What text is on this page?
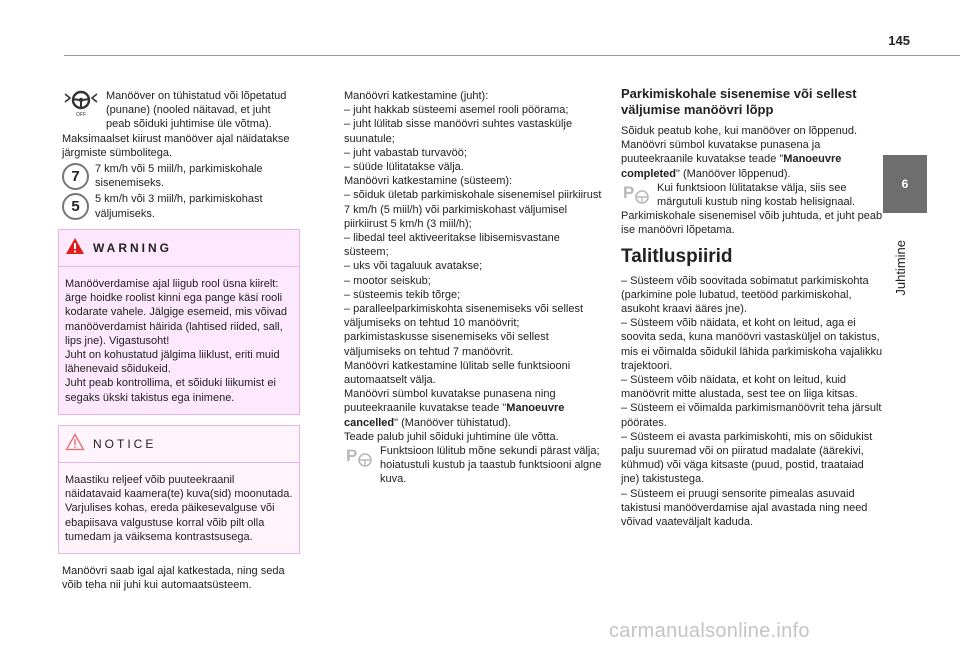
145
6
Juhtimine
OFF

Manööver on tühistatud või lõpetatud (punane) (nooled näitavad, et juht peab sõiduki juhtimise üle võtma).

Maksimaalset kiirust manööver ajal näidatakse järgmiste sümbolitega.

7	7 km/h või 5 miil/h, parkimiskohale sisenemiseks.

5	5 km/h või 3 miil/h, parkimiskohast väljumiseks.

WARNING

Manööverdamise ajal liigub rool üsna kiirelt: ärge hoidke roolist kinni ega pange käsi rooli kodarate vahele. Jälgige esemeid, mis võivad manööverdamist häirida (lahtised riided, sall, lips jne). Vigastusoht!

Juht on kohustatud jälgima liiklust, eriti muid lähenevaid sõidukeid.

Juht peab kontrollima, et sõiduki liikumist ei segaks ükski takistus ega inimene.

NOTICE

Maastiku reljeef võib puuteekraanil näidatavaid kaamera(te) kuva(sid) moonutada.

Varjulises kohas, ereda päikesevalguse või ebapiisava valgustuse korral võib pilt olla tumedam ja väiksema kontrastsusega.

Manöövri saab igal ajal katkestada, ning seda võib teha nii juhi kui automaatsüsteem.

Manöövri katkestamine (juht):

– juht hakkab süsteemi asemel rooli pöörama;

– juht lülitab sisse manöövri suhtes vastaskülje suunatule;

– juht vabastab turvavöö;

– süüde lülitatakse välja.

Manöövri katkestamine (süsteem):

– sõiduk ületab parkimiskohale sisenemisel piirkiirust 7 km/h (5 miil/h) või parkimiskohast väljumisel piirkiirust 5 km/h (3 miil/h);

– libedal teel aktiveeritakse libisemisvastane süsteem;

– uks või tagaluuk avatakse;

– mootor seiskub;

– süsteemis tekib tõrge;

– paralleelparkimiskohta sisenemiseks või sellest väljumiseks on tehtud 10 manöövrit; parkimistaskusse sisenemiseks või sellest väljumiseks on tehtud 7 manöövrit.

Manöövri katkestamine lülitab selle funktsiooni automaatselt välja.

Manöövri sümbol kuvatakse punasena ning puuteekraanile kuvatakse teade "Manoeuvre cancelled" (Manööver tühistatud).

Teade palub juhil sõiduki juhtimine üle võtta.

P Funktsioon lülitub mõne sekundi pärast välja; hoiatustuli kustub ja taastub funktsiooni algne kuva.

Parkimiskohale sisenemise või sellest väljumise manöövri lõpp

Sõiduk peatub kohe, kui manööver on lõppenud.

Manöövri sümbol kuvatakse punasena ja puuteekraanile kuvatakse teade "Manoeuvre completed" (Manööver lõppenud).

P Kui funktsioon lülitatakse välja, siis see märgutuli kustub ning kostab helisignaal.

Parkimiskohale sisenemisel võib juhtuda, et juht peab ise manöövri lõpetama.

Talitluspiirid

– Süsteem võib soovitada sobimatut parkimiskohta (parkimine pole lubatud, teetööd parkimiskohal, asukoht kraavi ääres jne).

– Süsteem võib näidata, et koht on leitud, aga ei soovita seda, kuna manöövri vastasküljel on takistus, mis ei võimalda sõidukil lähida parkimiskoha vajalikku trajektoori.

– Süsteem võib näidata, et koht on leitud, kuid manöövrit mitte alustada, sest tee on liiga kitsas.

– Süsteem ei võimalda parkimismanöövrit teha järsult pöörates.

– Süsteem ei avasta parkimiskohti, mis on sõidukist palju suuremad või on piiratud madalate (äärekivi, kühmud) või väga kitsaste (puud, postid, traataiad jne) takistustega.

– Süsteem ei pruugi sensorite pimealas asuvaid takistusi manööverdamise ajal avastada ning need võivad vaateväljalt kaduda.

carmanualsonline.info
